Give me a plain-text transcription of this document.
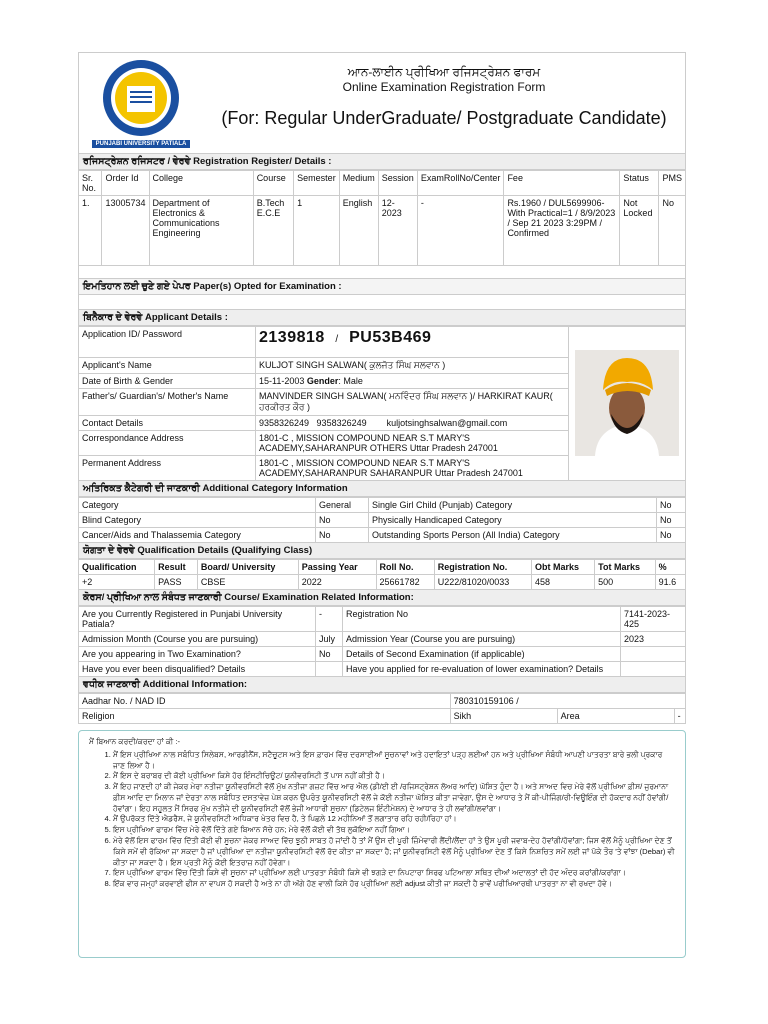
PUNJABI UNIVERSITY PATIALA
ਆਨ-ਲਾਈਨ ਪ੍ਰੀਖਿਆ ਰਜਿਸਟ੍ਰੇਸ਼ਨ ਫਾਰਮ
Online Examination Registration Form
(For: Regular UnderGraduate/ Postgraduate Candidate)
ਰਜਿਸਟ੍ਰੇਸ਼ਨ ਰਜਿਸਟਰ / ਵੇਰਵੇ Registration Register/ Details :
Sr. No.	Order Id	College	Course	Semester	Medium	Session	ExamRollNo/Center	Fee	Status	PMS
1.	13005734	Department of Electronics & Communications Engineering	B.Tech E.C.E	1	English	12-2023	-	Rs.1960 / DUL5699906-With Practical=1 / 8/9/2023 / Sep 21 2023 3:29PM / Confirmed	Not Locked	No
ਇਮਤਿਹਾਨ ਲਈ ਚੁਣੇ ਗਏ ਪੇਪਰ Paper(s) Opted for Examination :
ਬਿਨੈਕਾਰ ਦੇ ਵੇਰਵੇ Applicant Details :
Application ID/ Password	2139818 / PU53B469	
Applicant's Name	KULJOT SINGH SALWAN( ਕੁਲਜੋਤ ਸਿੰਘ ਸਲਵਾਨ )	
Date of Birth & Gender	15-11-2003 Gender: Male	
Father's/ Guardian's/ Mother's Name	MANVINDER SINGH SALWAN( ਮਨਵਿੰਦਰ ਸਿੰਘ ਸਲਵਾਨ )/ HARKIRAT KAUR( ਹਰਕੀਰਤ ਕੌਰ )	
Contact Details	9358326249   9358326249        kuljotsinghsalwan@gmail.com	
Correspondance Address	1801-C , MISSION COMPOUND NEAR S.T MARY'S ACADEMY,SAHARANPUR OTHERS Uttar Pradesh 247001	
Permanent Address	1801-C , MISSION COMPOUND NEAR S.T MARY'S ACADEMY,SAHARANPUR SAHARANPUR Uttar Pradesh 247001	
ਅਤਿਰਿਕਤ ਕੈਟੇਗਰੀ ਦੀ ਜਾਣਕਾਰੀ Additional Category Information
Category	General	Single Girl Child (Punjab) Category	No
Blind Category	No	Physically Handicaped Category	No
Cancer/Aids and Thalassemia Category	No	Outstanding Sports Person (All India) Category	No
ਯੋਗਤਾ ਦੇ ਵੇਰਵੇ Qualification Details (Qualifying Class)
Qualification	Result	Board/ University	Passing Year	Roll No.	Registration No.	Obt Marks	Tot Marks	%
+2	PASS	CBSE	2022	25661782	U222/81020/0033	458	500	91.6
ਕੋਰਸ/ ਪ੍ਰੀਖਿਆ ਨਾਲ ਸੰਬੰਧਤ ਜਾਣਕਾਰੀ Course/ Examination Related Information:
Are you Currently Registered in Punjabi University Patiala?	-	Registration No	7141-2023-425
Admission Month (Course you are pursuing)	July	Admission Year (Course you are pursuing)	2023
Are you appearing in Two Examination?	No	Details of Second Examination (if applicable)	
Have you ever been disqualified? Details		Have you applied for re-evaluation of lower examination? Details	
ਵਧੀਕ ਜਾਣਕਾਰੀ Additional Information:
Aadhar No. / NAD ID	780310159106 /		
Religion	Sikh	Area	-
ਮੈਂ ਬਿਆਨ ਕਰਦੀ/ਕਰਦਾ ਹਾਂ ਕੀ :-
1. ਮੈਂ ਇਸ ਪ੍ਰੀਖਿਆ ਨਾਲ ਸਬੰਧਿਤ ਸਿਲੇਬਸ, ਆਰਡੀਨੈਂਸ, ਸਟੈਚੂਟਸ ਅਤੇ ਇਸ ਫ਼ਾਰਮ ਵਿੱਚ ਦਰਸਾਈਆਂ ਸੂਚਨਾਵਾਂ ਅਤੇ ਹਦਾਇਤਾਂ ਪੜ੍ਹ ਲਈਆਂ ਹਨ ਅਤੇ ਪ੍ਰੀਖਿਆ ਸੰਬੰਧੀ ਆਪਣੀ ਪਾਤਰਤਾ ਬਾਰੇ ਭਲੀ ਪ੍ਰਕਾਰ ਜਾਣ ਲਿਆ ਹੈ।
2. ਮੈਂ ਇਸ ਦੇ ਬਰਾਬਰ ਦੀ ਕੋਈ ਪ੍ਰੀਖਿਆ ਕਿਸੇ ਹੋਰ ਇੰਸਟੀਚਿਊਟ/ ਯੂਨੀਵਰਸਿਟੀ ਤੋਂ ਪਾਸ ਨਹੀਂ ਕੀਤੀ ਹੈ।
3. ਮੈਂ ਇਹ ਜਾਣਦੀ ਹਾਂ ਕੀ ਜੇਕਰ ਮੇਰਾ ਨਤੀਜਾ ਯੂਨੀਵਰਸਿਟੀ ਵੱਲੋਂ ਮੁੱਖ ਨਤੀਜਾ ਗਜ਼ਟ ਵਿੱਚ ਆਰ ਐਲ (ਡੀ/ਈ ਈ /ਰਜਿਸਟ੍ਰੇਸ਼ਨ ਲੋਅਰ ਆਦਿ) ਘੋਸ਼ਿਤ ਹੁੰਦਾ ਹੈ। ਅਤੇ ਸਾਅਦ ਵਿਚ ਮੇਰੇ ਵੱਲੋਂ ਪ੍ਰੀਖਿਆ ਫ਼ੀਸ/ ਜੁਰਮਾਨਾ ਫ਼ੀਸ ਆਦਿ ਦਾ ਮਿਲਾਨ ਜਾਂ ਦੇਰਤਾ ਨਾਲ ਸਬੰਧਿਤ ਦਸਤਾਵੇਜ਼ ਪੇਸ਼ ਕਰਨ ਉਪਰੰਤ ਯੂਨੀਵਰਸਿਟੀ ਵੱਲੋਂ ਜੇ ਕੋਈ ਨਤੀਜਾ ਘੋਸ਼ਿਤ ਕੀਤਾ ਜਾਵੇਗਾ, ਉਸ ਦੇ ਆਧਾਰ ਤੇ ਮੈਂ ਕੀ-ਪੀਜਿੰਗ/ਰੀ-ਵਿਊਇੰਗ ਦੀ ਹੱਕਦਾਰ ਨਹੀਂ ਹੋਵਾਂਗੀ/ਹੋਵਾਂਗਾ। ਇਹ ਸਹੂਲਤ ਮੈਂ ਸਿਰਫ ਮੁੱਖ ਨਤੀਜੇ ਦੀ ਯੂਨੀਵਰਸਿਟੀ ਵੱਲੋਂ ਭੇਜੀ ਆਧਾਰੀ ਸੂਚਨਾ (ਡਿਟੇਲਜ ਇੰਟੀਮੇਸ਼ਨ) ਦੇ ਆਧਾਰ ਤੇ ਹੀ ਲਵਾਂਗੀ/ਲਵਾਂਗਾ।
4. ਮੈਂ ਉਪਰੋਕਤ ਦਿੱਤੇ ਐਡਰੈਸ, ਜੇ ਯੂਨੀਵਰਸਿਟੀ ਅਧਿਕਾਰ ਖੇਤਰ ਵਿਚ ਹੈ, ਤੇ ਪਿਛਲੇ 12 ਮਹੀਨਿਆਂ ਤੋਂ ਲਗਾਤਾਰ ਰਹਿ ਰਹੀ/ਰਿਹਾ ਹਾਂ।
5. ਇਸ ਪ੍ਰੀਖਿਆ ਫਾਰਮ ਵਿੱਚ ਮੇਰੇ ਵੱਲੋਂ ਦਿੱਤੇ ਗਏ ਬਿਆਨ ਸੱਚੇ ਹਨ; ਮੇਰੇ ਵੱਲੋਂ ਕੋਈ ਵੀ ਤੱਥ ਲੁਕੋਇਆ ਨਹੀਂ ਗਿਆ।
6. ਮੇਰੇ ਵੱਲੋਂ ਇਸ ਫਾਰਮ ਵਿੱਚ ਦਿੱਤੀ ਕੋਈ ਵੀ ਸੂਚਨਾ ਜੇਕਰ ਸਾਅਦ ਵਿੱਚ ਝੂਠੀ ਸਾਬਤ ਹੋ ਜਾਂਦੀ ਹੈ ਤਾਂ ਮੈਂ ਉਸ ਦੀ ਪੂਰੀ ਜ਼ਿੰਮੇਵਾਰੀ ਲੈਂਦੀ/ਲੈਂਦਾ ਹਾਂ ਤੇ ਉਸ ਪੂਰੀ ਜਵਾਬ-ਦੇਹ ਹੋਵਾਂਗੀ/ਹੋਵਾਂਗਾ; ਜਿਸ ਵੱਲੋਂ ਮੈਨੂੰ ਪ੍ਰੀਖਿਆ ਦੇਣ ਤੋਂ ਕਿਸੇ ਸਮੇਂ ਵੀ ਰੋਕਿਆ ਜਾ ਸਕਦਾ ਹੈ ਜਾਂ ਪ੍ਰੀਖਿਆ ਦਾ ਨਤੀਜਾ ਯੂਨੀਵਰਸਿਟੀ ਵੱਲੋਂ ਰੱਦ ਕੀਤਾ ਜਾ ਸਕਦਾ ਹੈ; ਜਾਂ ਯੂਨੀਵਰਸਿਟੀ ਵੱਲੋਂ ਮੈਨੂੰ ਪ੍ਰੀਖਿਆ ਦੇਣ ਤੋਂ ਕਿਸੇ ਨਿਸ਼ਚਿਤ ਸਮੇਂ ਲਈ ਜਾਂ ਪੱਕੇ ਤੌਰ 'ਤੇ ਵਾਂਝਾ (Debar) ਵੀ ਕੀਤਾ ਜਾ ਸਕਦਾ ਹੈ। ਇਸ ਪ੍ਰਤੀ ਮੈਨੂੰ ਕੋਈ ਇਤਰਾਜ਼ ਨਹੀਂ ਹੋਵੇਗਾ।
7. ਇਸ ਪ੍ਰੀਖਿਆ ਫਾਰਮ ਵਿੱਚ ਦਿੱਤੀ ਕਿਸੇ ਵੀ ਸੂਚਨਾ ਜਾਂ ਪ੍ਰੀਖਿਆ ਲਈ ਪਾਤਰਤਾ ਸੰਬੰਧੀ ਕਿਸੇ ਵੀ ਝਗੜੇ ਦਾ ਨਿਪਟਾਰਾ ਸਿਰਫ ਪਟਿਆਲਾ ਸਥਿਤ ਦੀਆਂ ਅਦਾਲਤਾਂ ਦੀ ਹੱਦ ਅੰਦਰ ਕਰਾਂਗੀ/ਕਰਾਂਗਾ।
8. ਇੱਕ ਵਾਰ ਜਮ੍ਹਾਂ ਕਰਵਾਈ ਫੀਸ ਨਾ ਵਾਪਸ ਹੋ ਸਕਦੀ ਹੈ ਅਤੇ ਨਾ ਹੀ ਅੱਗੇ ਹੋਣ ਵਾਲੀ ਕਿਸੇ ਹੋਰ ਪ੍ਰੀਖਿਆ ਲਈ adjust ਕੀਤੀ ਜਾ ਸਕਦੀ ਹੈ ਭਾਵੇਂ ਪਰੀਖਿਆਰਥੀ ਪਾਤਰਤਾ ਨਾ ਵੀ ਰਖਦਾ ਹੋਵੇ।
